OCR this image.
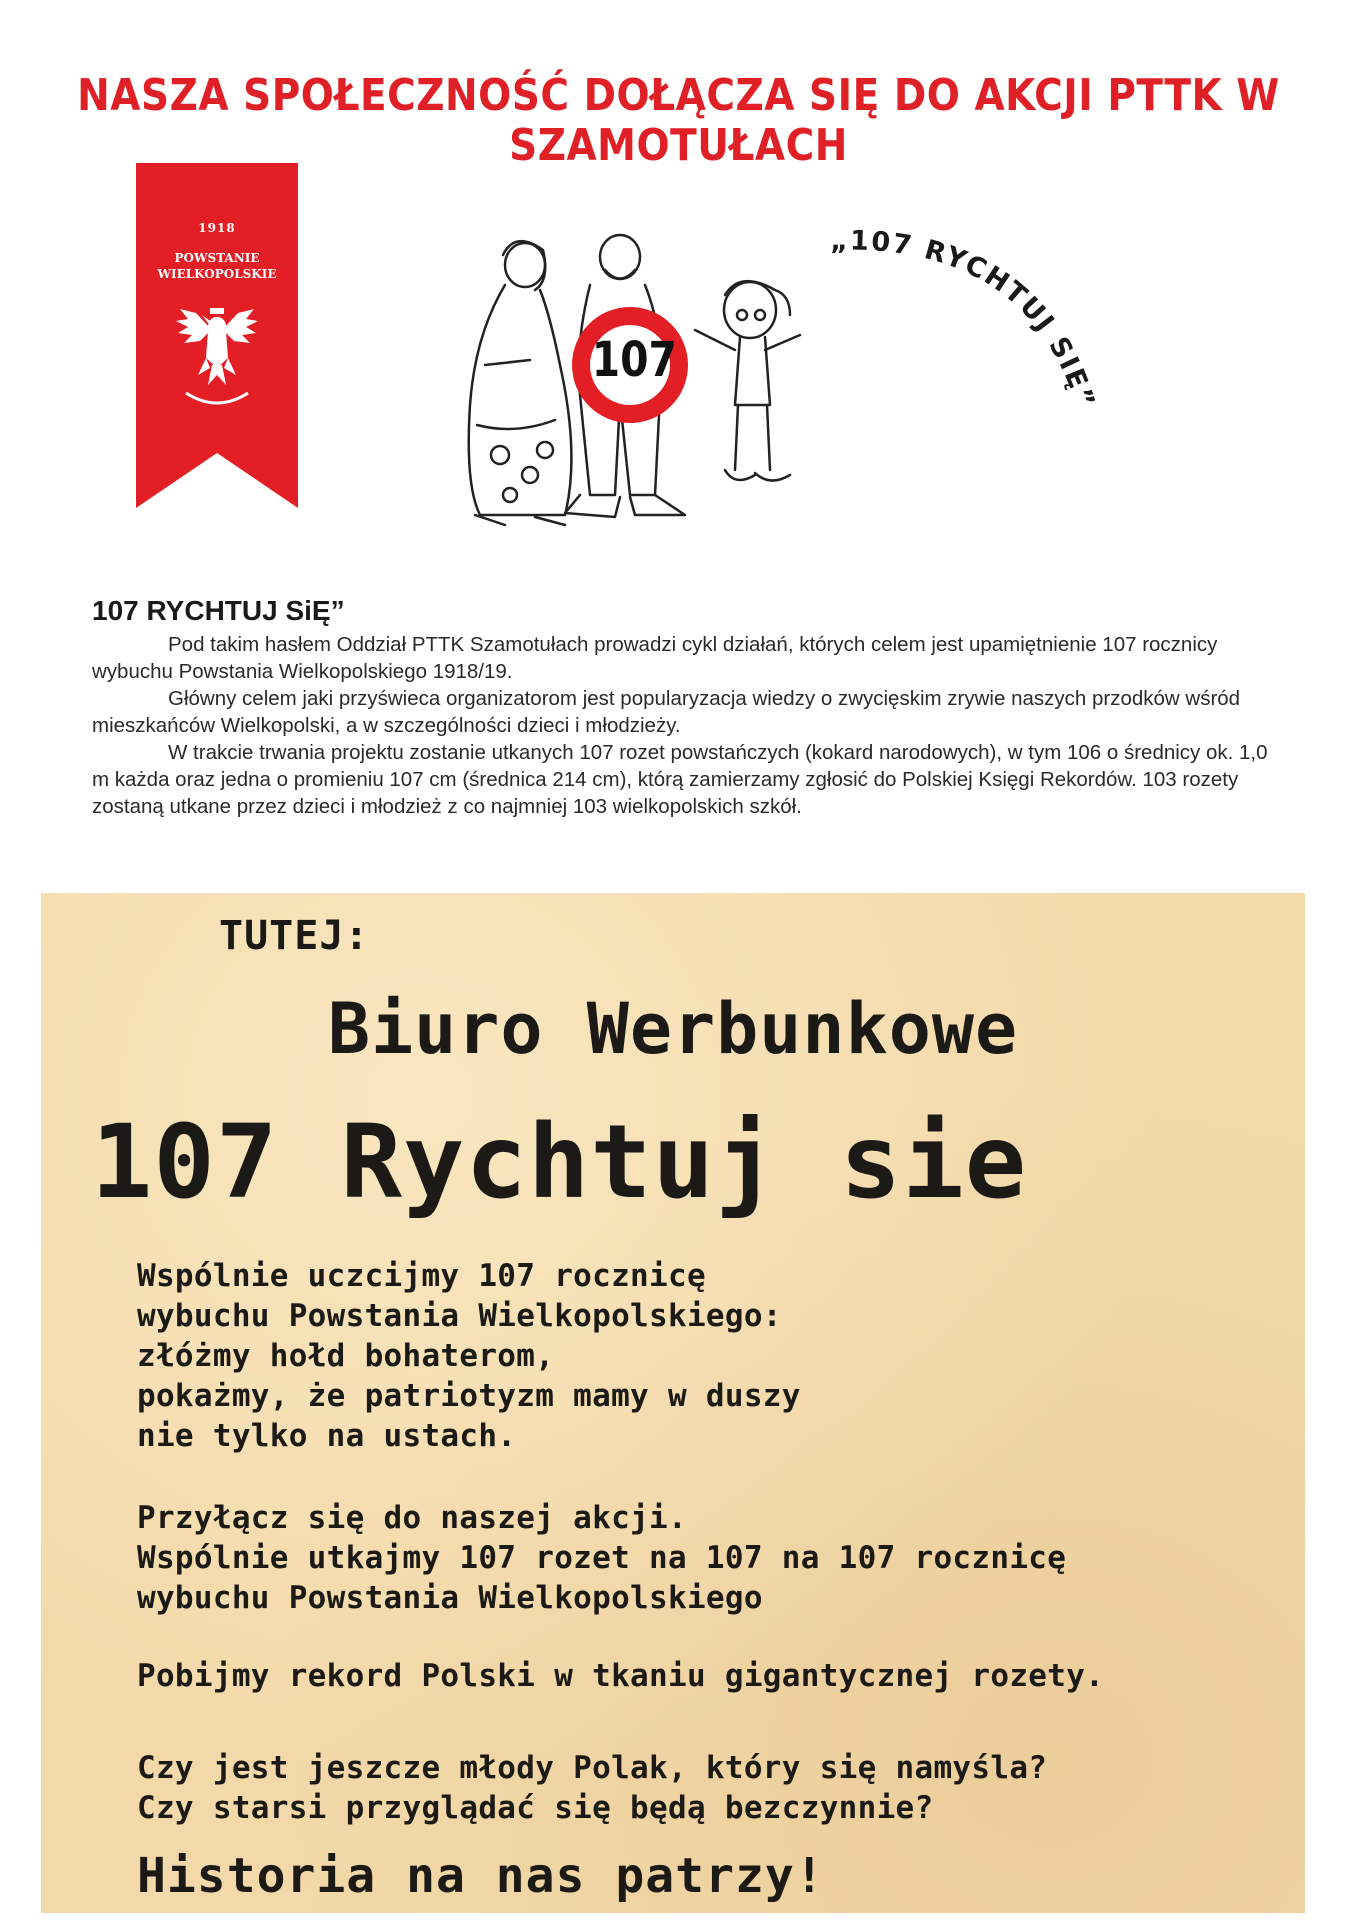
NASZA SPOŁECZNOŚĆ DOŁĄCZA SIĘ DO AKCJI PTTK W SZAMOTUŁACH
1918
POWSTANIE
WIELKOPOLSKIE
107
„107 RYCHTUJ SIĘ”
107 RYCHTUJ SiĘ”

Pod takim hasłem Oddział PTTK Szamotułach prowadzi cykl działań, których celem jest upamiętnienie 107 rocznicy wybuchu Powstania Wielkopolskiego 1918/19.

Główny celem jaki przyświeca organizatorom jest popularyzacja wiedzy o zwycięskim zrywie naszych przodków wśród mieszkańców Wielkopolski, a w szczególności dzieci i młodzieży.

W trakcie trwania projektu zostanie utkanych 107 rozet powstańczych (kokard narodowych), w tym 106 o średnicy ok. 1,0 m każda oraz jedna o promieniu 107 cm (średnica 214 cm), którą zamierzamy zgłosić do Polskiej Księgi Rekordów. 103 rozety zostaną utkane przez dzieci i młodzież z co najmniej 103 wielkopolskich szkół.

TUTEJ:
Biuro Werbunkowe
107 Rychtuj sie
Wspólnie uczcijmy 107 rocznicę
wybuchu Powstania Wielkopolskiego:
złóżmy hołd bohaterom,
pokażmy, że patriotyzm mamy w duszy
nie tylko na ustach.
Przyłącz się do naszej akcji.
Wspólnie utkajmy 107 rozet na 107 na 107 rocznicę
wybuchu Powstania Wielkopolskiego
Pobijmy rekord Polski w tkaniu gigantycznej rozety.
Czy jest jeszcze młody Polak, który się namyśla?
Czy starsi przyglądać się będą bezczynnie?
Historia na nas patrzy!
